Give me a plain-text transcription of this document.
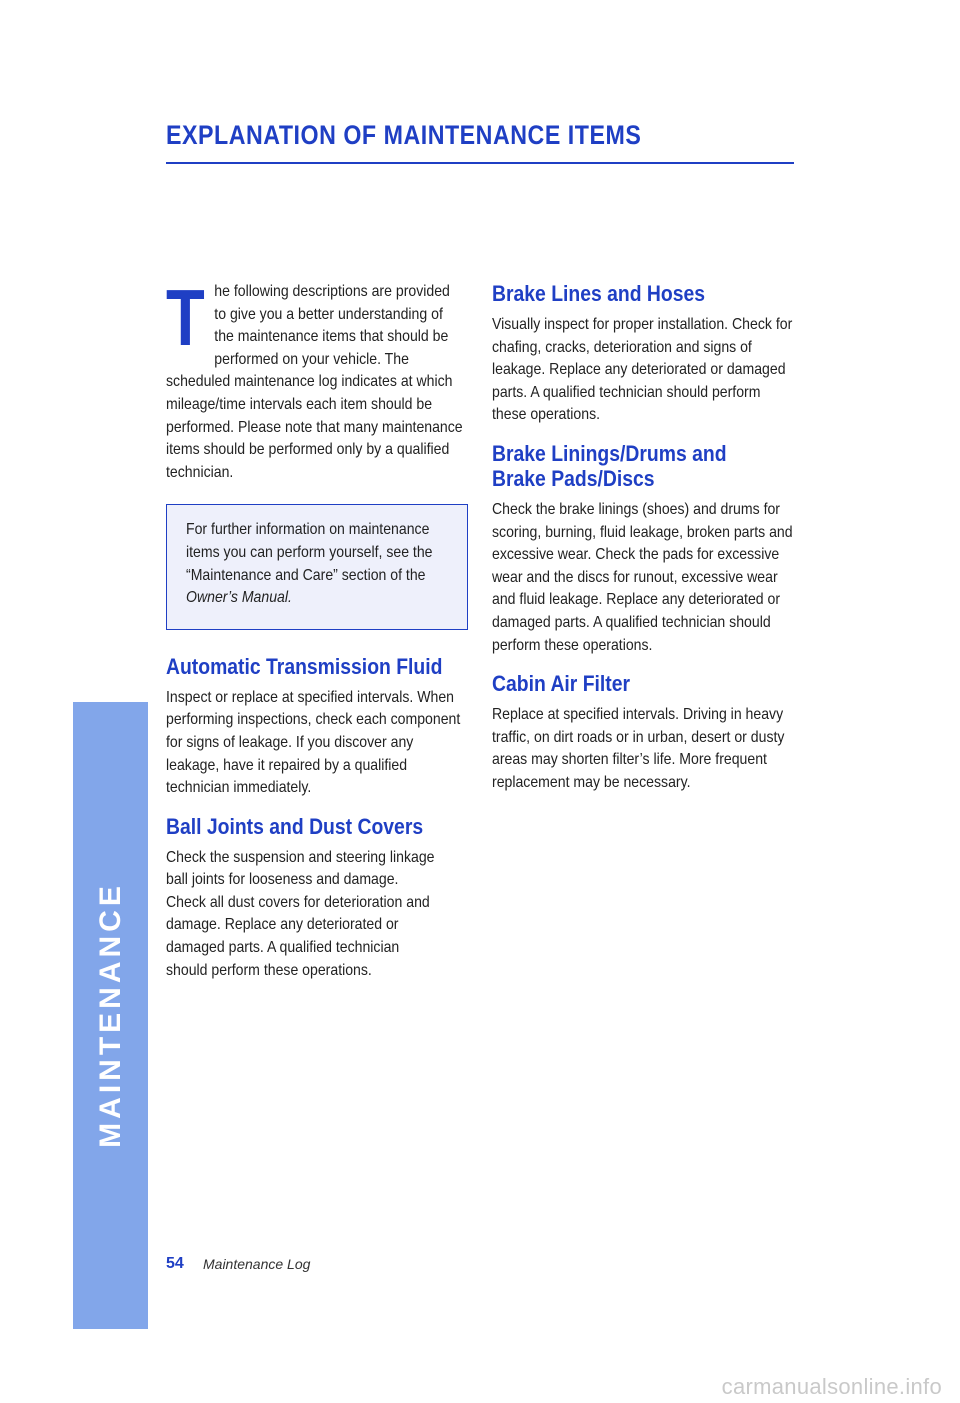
EXPLANATION OF MAINTENANCE ITEMS
MAINTENANCE
The following descriptions are provided to give you a better understanding of the maintenance items that should be performed on your vehicle. The scheduled maintenance log indicates at which mileage/time intervals each item should be performed. Please note that many maintenance items should be performed only by a qualified technician.
For further information on maintenance items you can perform yourself, see the “Maintenance and Care” section of the Owner’s Manual.
Automatic Transmission Fluid

Inspect or replace at specified intervals. When performing inspections, check each component for signs of leakage. If you discover any leakage, have it repaired by a qualified technician immediately.

Ball Joints and Dust Covers

Check the suspension and steering linkage ball joints for looseness and damage. Check all dust covers for deterioration and damage. Replace any deteriorated or damaged parts. A qualified technician should perform these operations.

Brake Lines and Hoses

Visually inspect for proper installation. Check for chafing, cracks, deterioration and signs of leakage. Replace any deteriorated or damaged parts. A qualified technician should perform these operations.

Brake Linings/Drums and
Brake Pads/Discs

Check the brake linings (shoes) and drums for scoring, burning, fluid leakage, broken parts and excessive wear. Check the pads for excessive wear and the discs for runout, excessive wear and fluid leakage. Replace any deteriorated or damaged parts. A qualified technician should perform these operations.

Cabin Air Filter

Replace at specified intervals. Driving in heavy traffic, on dirt roads or in urban, desert or dusty areas may shorten filter’s life. More frequent replacement may be necessary.

54 Maintenance Log
carmanualsonline.info
